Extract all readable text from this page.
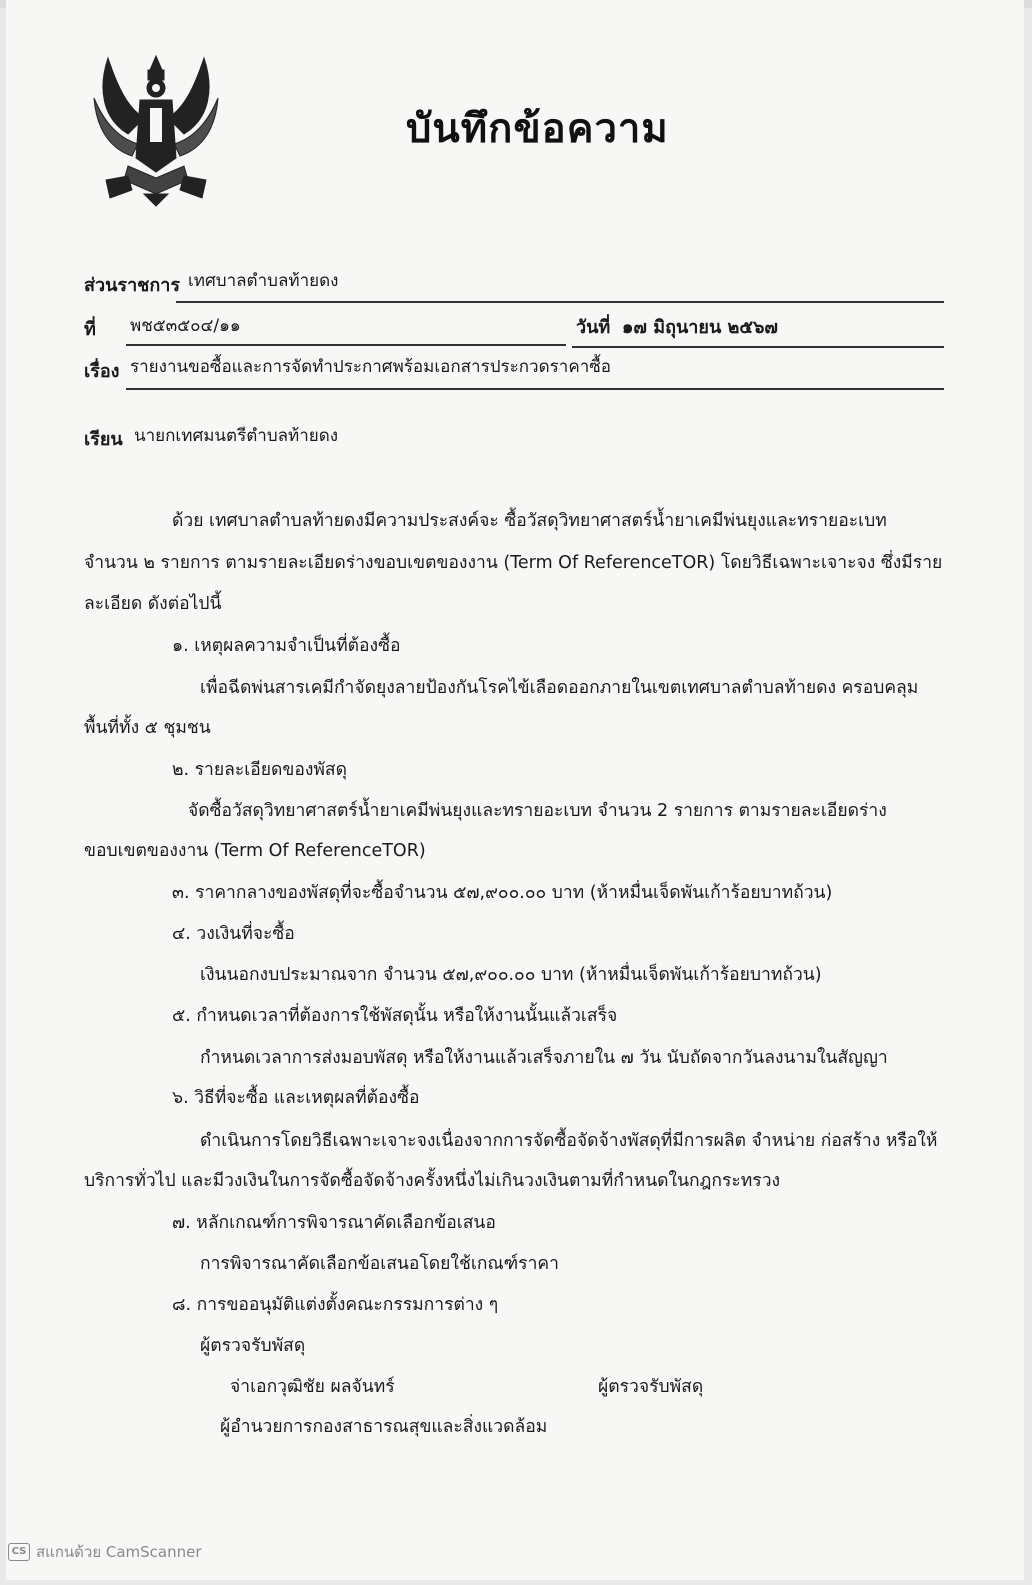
บันทึกข้อความ
ส่วนราชการ เทศบาลตำบลท้ายดง
ที่ พช๕๓๕๐๔/๑๑	วันที่ ๑๗ มิถุนายน ๒๕๖๗
เรื่อง รายงานขอซื้อและการจัดทำประกาศพร้อมเอกสารประกวดราคาซื้อ
เรียน นายกเทศมนตรีตำบลท้ายดง
ด้วย เทศบาลตำบลท้ายดงมีความประสงค์จะ ซื้อวัสดุวิทยาศาสตร์น้ำยาเคมีพ่นยุงและทรายอะเบท
จำนวน ๒ รายการ ตามรายละเอียดร่างขอบเขตของงาน (Term Of ReferenceTOR) โดยวิธีเฉพาะเจาะจง ซึ่งมีราย
ละเอียด ดังต่อไปนี้
๑. เหตุผลความจำเป็นที่ต้องซื้อ
เพื่อฉีดพ่นสารเคมีกำจัดยุงลายป้องกันโรคไข้เลือดออกภายในเขตเทศบาลตำบลท้ายดง ครอบคลุม
พื้นที่ทั้ง ๕ ชุมชน
๒. รายละเอียดของพัสดุ
จัดซื้อวัสดุวิทยาศาสตร์น้ำยาเคมีพ่นยุงและทรายอะเบท จำนวน 2 รายการ ตามรายละเอียดร่าง
ขอบเขตของงาน (Term Of ReferenceTOR)
๓. ราคากลางของพัสดุที่จะซื้อจำนวน ๕๗,๙๐๐.๐๐ บาท (ห้าหมื่นเจ็ดพันเก้าร้อยบาทถ้วน)
๔. วงเงินที่จะซื้อ
เงินนอกงบประมาณจาก จำนวน ๕๗,๙๐๐.๐๐ บาท (ห้าหมื่นเจ็ดพันเก้าร้อยบาทถ้วน)
๕. กำหนดเวลาที่ต้องการใช้พัสดุนั้น หรือให้งานนั้นแล้วเสร็จ
กำหนดเวลาการส่งมอบพัสดุ หรือให้งานแล้วเสร็จภายใน ๗ วัน นับถัดจากวันลงนามในสัญญา
๖. วิธีที่จะซื้อ และเหตุผลที่ต้องซื้อ
ดำเนินการโดยวิธีเฉพาะเจาะจงเนื่องจากการจัดซื้อจัดจ้างพัสดุที่มีการผลิต จำหน่าย ก่อสร้าง หรือให้
บริการทั่วไป และมีวงเงินในการจัดซื้อจัดจ้างครั้งหนึ่งไม่เกินวงเงินตามที่กำหนดในกฎกระทรวง
๗. หลักเกณฑ์การพิจารณาคัดเลือกข้อเสนอ
การพิจารณาคัดเลือกข้อเสนอโดยใช้เกณฑ์ราคา
๘. การขออนุมัติแต่งตั้งคณะกรรมการต่าง ๆ
ผู้ตรวจรับพัสดุ
จ่าเอกวุฒิชัย ผลจันทร์	ผู้ตรวจรับพัสดุ
ผู้อำนวยการกองสาธารณสุขและสิ่งแวดล้อม
CS สแกนด้วย CamScanner
